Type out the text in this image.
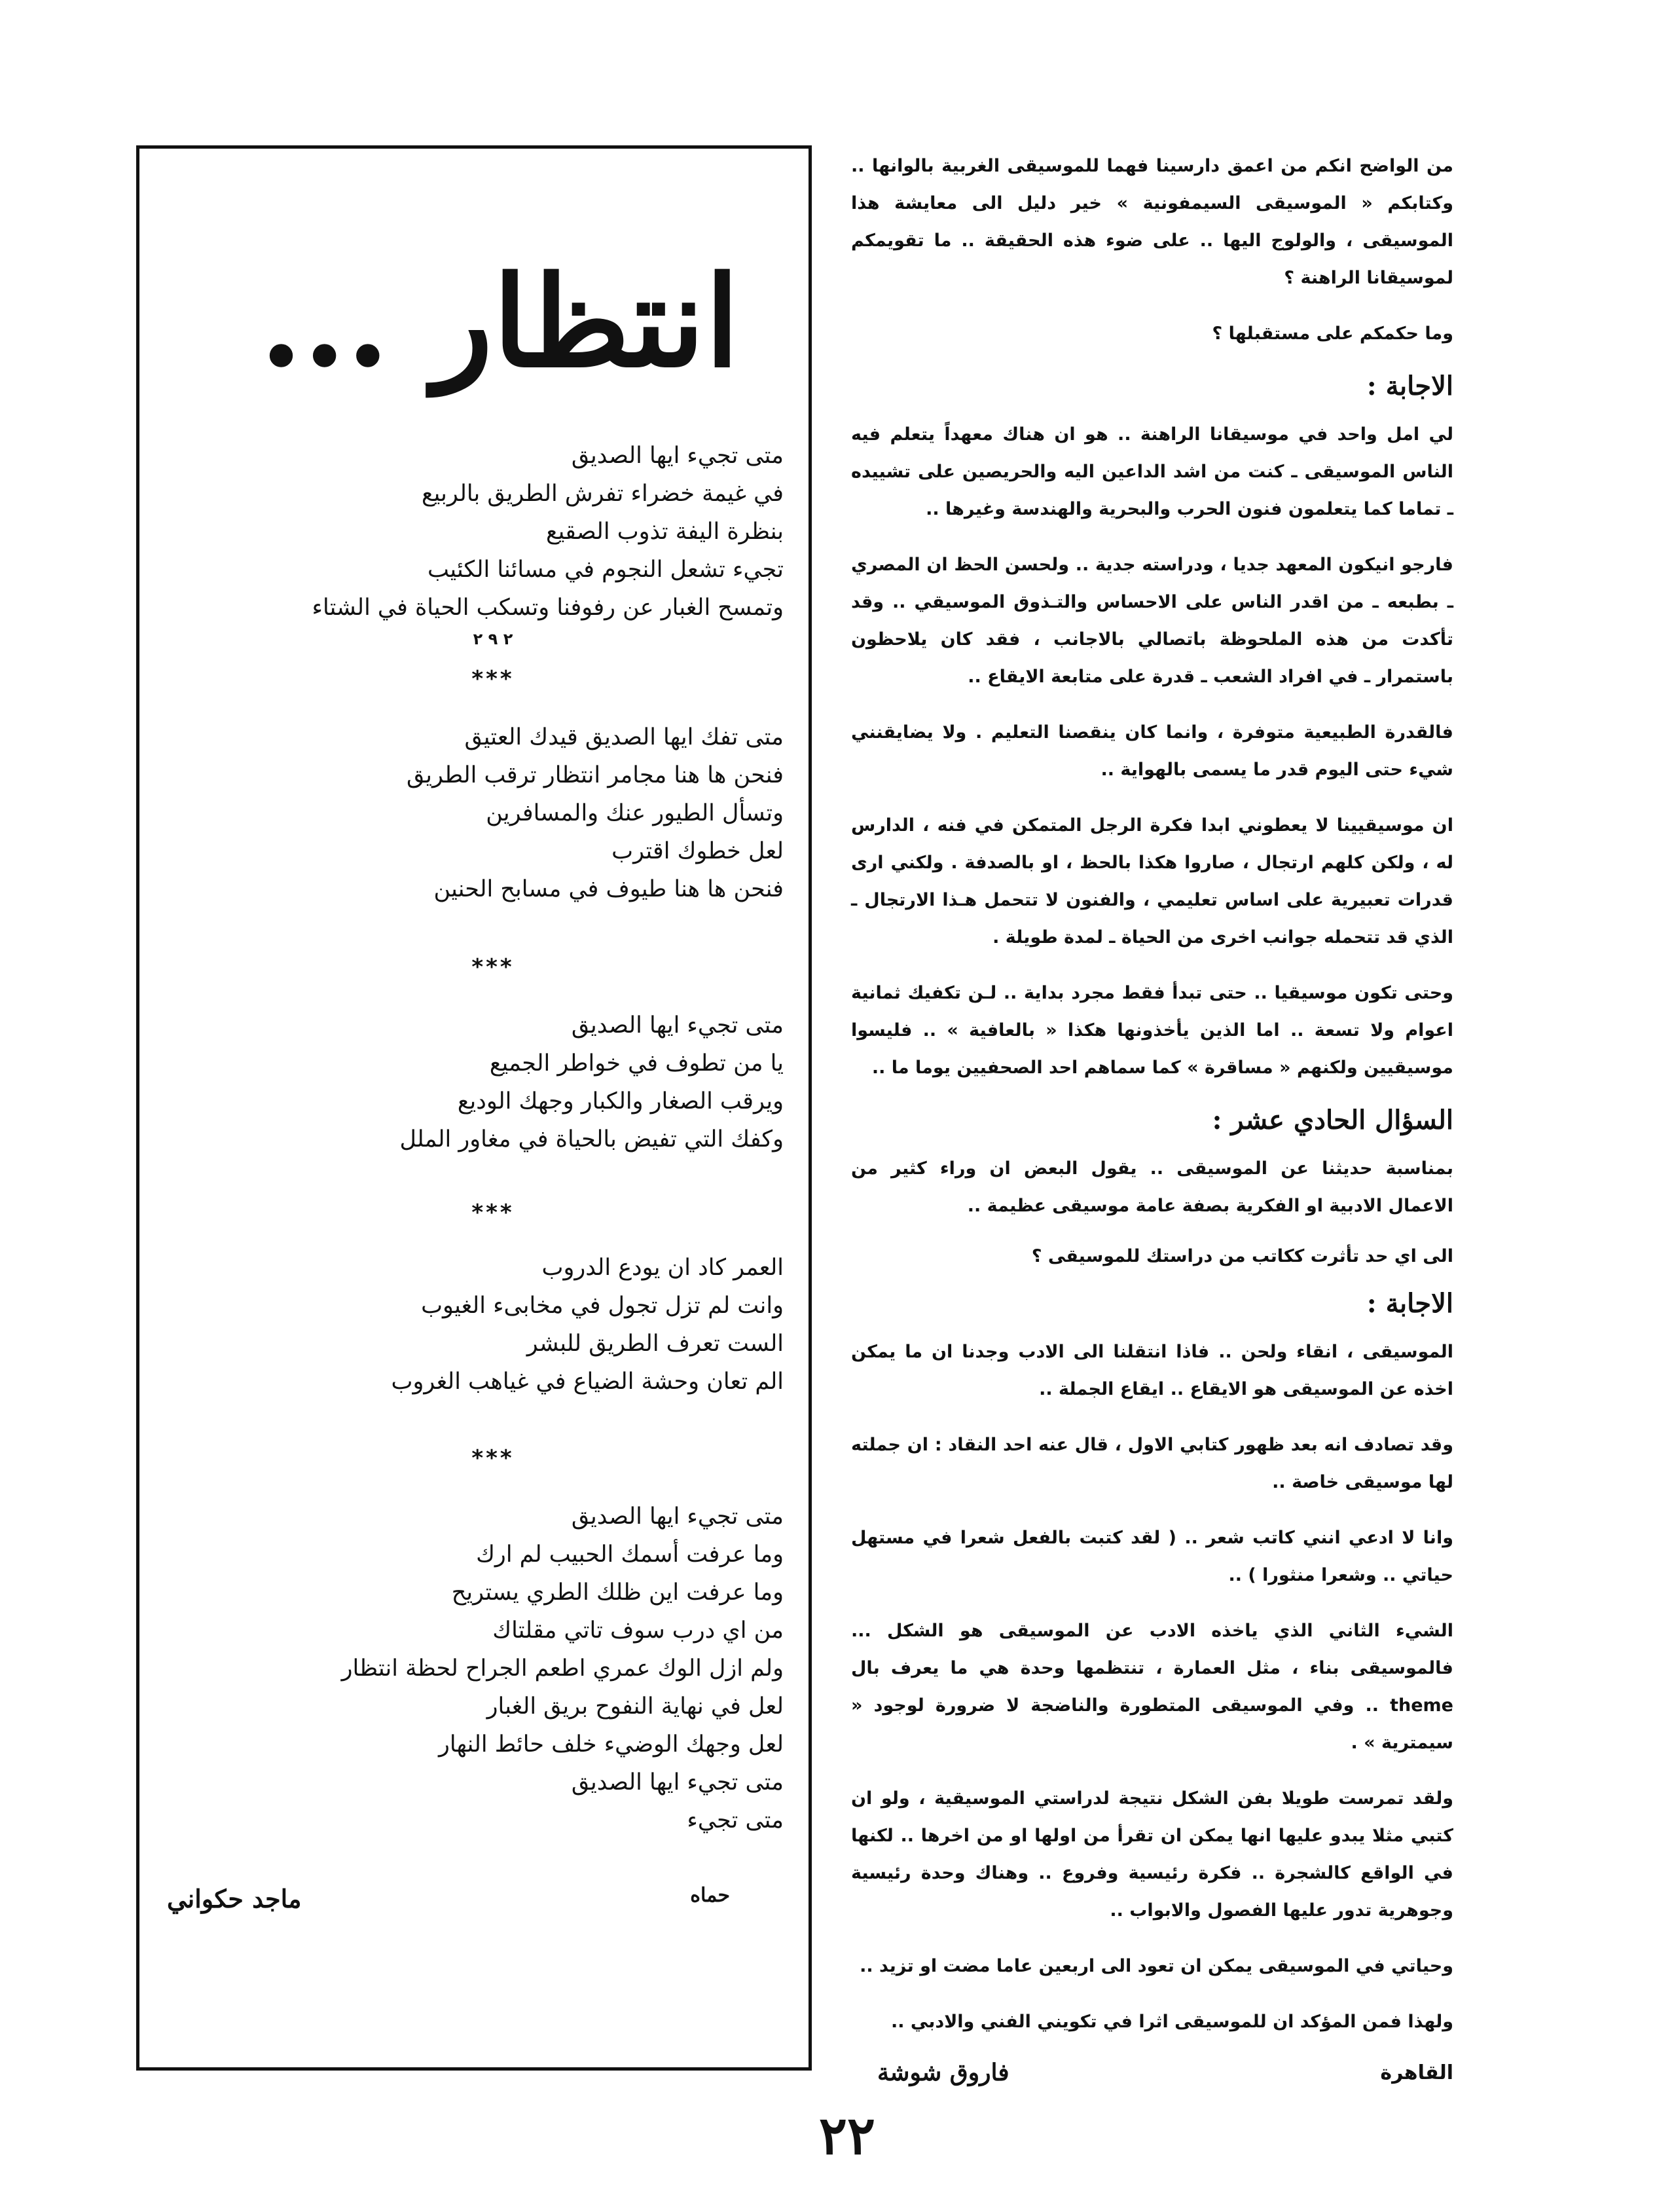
من الواضح انكم من اعمق دارسينا فهما للموسيقى الغربية بالوانها .. وكتابكم « الموسيقى السيمفونية » خير دليل الى معايشة هذا الموسيقى ، والولوج اليها .. على ضوء هذه الحقيقة .. ما تقويمكم لموسيقانا الراهنة ؟

وما حكمكم على مستقبلها ؟

الاجابة :

لي امل واحد في موسيقانا الراهنة .. هو ان هناك معهداً يتعلم فيه الناس الموسيقى ـ كنت من اشد الداعين اليه والحريصين على تشييده ـ تماما كما يتعلمون فنون الحرب والبحرية والهندسة وغيرها ..

فارجو انيكون المعهد جديا ، ودراسته جدية .. ولحسن الحظ ان المصري ـ بطبعه ـ من اقدر الناس على الاحساس والتـذوق الموسيقي .. وقد تأكدت من هذه الملحوظة باتصالي بالاجانب ، فقد كان يلاحظون باستمرار ـ في افراد الشعب ـ قدرة على متابعة الايقاع ..

فالقدرة الطبيعية متوفرة ، وانما كان ينقصنا التعليم . ولا يضايقنني شيء حتى اليوم قدر ما يسمى بالهواية ..

ان موسيقيينا لا يعطوني ابدا فكرة الرجل المتمكن في فنه ، الدارس له ، ولكن كلهم ارتجال ، صاروا هكذا بالحظ ، او بالصدفة . ولكني ارى قدرات تعبيرية على اساس تعليمي ، والفنون لا تتحمل هـذا الارتجال ـ الذي قد تتحمله جوانب اخرى من الحياة ـ لمدة طويلة .

وحتى تكون موسيقيا .. حتى تبدأ فقط مجرد بداية .. لـن تكفيك ثمانية اعوام ولا تسعة .. اما الذين يأخذونها هكذا « بالعافية » .. فليسوا موسيقيين ولكنهم « مساقرة » كما سماهم احد الصحفيين يوما ما ..

السؤال الحادي عشر :

بمناسبة حديثنا عن الموسيقى .. يقول البعض ان وراء كثير من الاعمال الادبية او الفكرية بصفة عامة موسيقى عظيمة ..

الى اي حد تأثرت ككاتب من دراستك للموسيقى ؟

الاجابة :

الموسيقى ، انقاء ولحن .. فاذا انتقلنا الى الادب وجدنا ان ما يمكن اخذه عن الموسيقى هو الايقاع .. ايقاع الجملة ..

وقد تصادف انه بعد ظهور كتابي الاول ، قال عنه احد النقاد : ان جملته لها موسيقى خاصة ..

وانا لا ادعي انني كاتب شعر .. ( لقد كتبت بالفعل شعرا في مستهل حياتي .. وشعرا منثورا ) ..

الشيء الثاني الذي ياخذه الادب عن الموسيقى هو الشكل ... فالموسيقى بناء ، مثل العمارة ، تنتظمها وحدة هي ما يعرف بال theme .. وفي الموسيقى المتطورة والناضجة لا ضرورة لوجود « سيمترية » .

ولقد تمرست طويلا بفن الشكل نتيجة لدراستي الموسيقية ، ولو ان كتبي مثلا يبدو عليها انها يمكن ان تقرأ من اولها او من اخرها .. لكنها في الواقع كالشجرة .. فكرة رئيسية وفروع .. وهناك وحدة رئيسية وجوهرية تدور عليها الفصول والابواب ..

وحياتي في الموسيقى يمكن ان تعود الى اربعين عاما مضت او تزيد ..

ولهذا فمن المؤكد ان للموسيقى اثرا في تكويني الفني والادبي ..

القاهرة
فاروق شوشة
انتظار ...
متى تجيء ايها الصديق
في غيمة خضراء تفرش الطريق بالربيع
بنظرة اليفة تذوب الصقيع
تجيء تشعل النجوم في مسائنا الكئيب
وتمسح الغبار عن رفوفنا وتسكب الحياة في الشتاء
٢ ٩ ٢
***
متى تفك ايها الصديق قيدك العتيق
فنحن ها هنا مجامر انتظار ترقب الطريق
وتسأل الطيور عنك والمسافرين
لعل خطوك اقترب
فنحن ها هنا طيوف في مسابح الحنين
***
متى تجيء ايها الصديق
يا من تطوف في خواطر الجميع
ويرقب الصغار والكبار وجهك الوديع
وكفك التي تفيض بالحياة في مغاور الملل
***
العمر كاد ان يودع الدروب
وانت لم تزل تجول في مخابىء الغيوب
الست تعرف الطريق للبشر
الم تعان وحشة الضياع في غياهب الغروب
***
متى تجيء ايها الصديق
وما عرفت أسمك الحبيب لم ارك
وما عرفت اين ظلك الطري يستريح
من اي درب سوف تاتي مقلتاك
ولم ازل الوك عمري اطعم الجراح لحظة انتظار
لعل في نهاية النفوح بريق الغبار
لعل وجهك الوضيء خلف حائط النهار
متى تجيء ايها الصديق
متى تجيء
حماه
ماجد حكواني
٢٢
